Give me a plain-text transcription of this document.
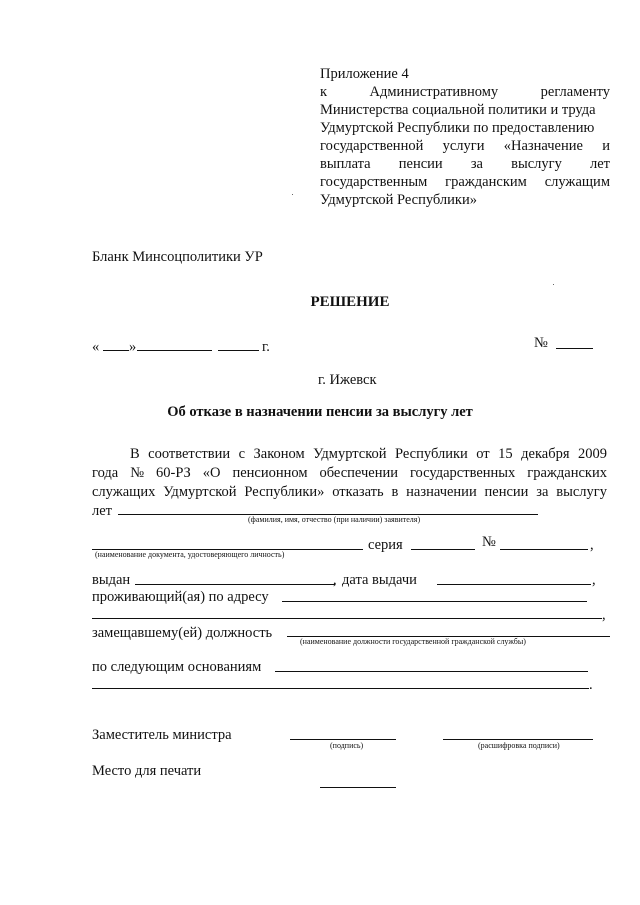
Приложение 4
к	Административному	регламенту
Министерства социальной политики и труда
Удмуртской Республики по предоставлению
государственной услуги «Назначение и
выплата пенсии за выслугу лет
государственным гражданским служащим
Удмуртской Республики»
Бланк Минсоцполитики УР
РЕШЕНИЕ
« »	г.	№
г. Ижевск
Об отказе в назначении пенсии за выслугу лет
В соответствии с Законом Удмуртской Республики от 15 декабря 2009
года № 60-РЗ «О пенсионном обеспечении государственных гражданских
служащих Удмуртской Республики» отказать в назначении пенсии за выслугу
лет
(фамилия, имя, отчество (при наличии) заявителя)
(наименование документа, удостоверяющего личность)
серия	№	,
выдан	, дата выдачи	,
проживающий(ая) по адресу
,
замещавшему(ей) должность
(наименование должности государственной гражданской службы)
по следующим основаниям
.
Заместитель министра
(подпись)	(расшифровка подписи)
Место для печати
